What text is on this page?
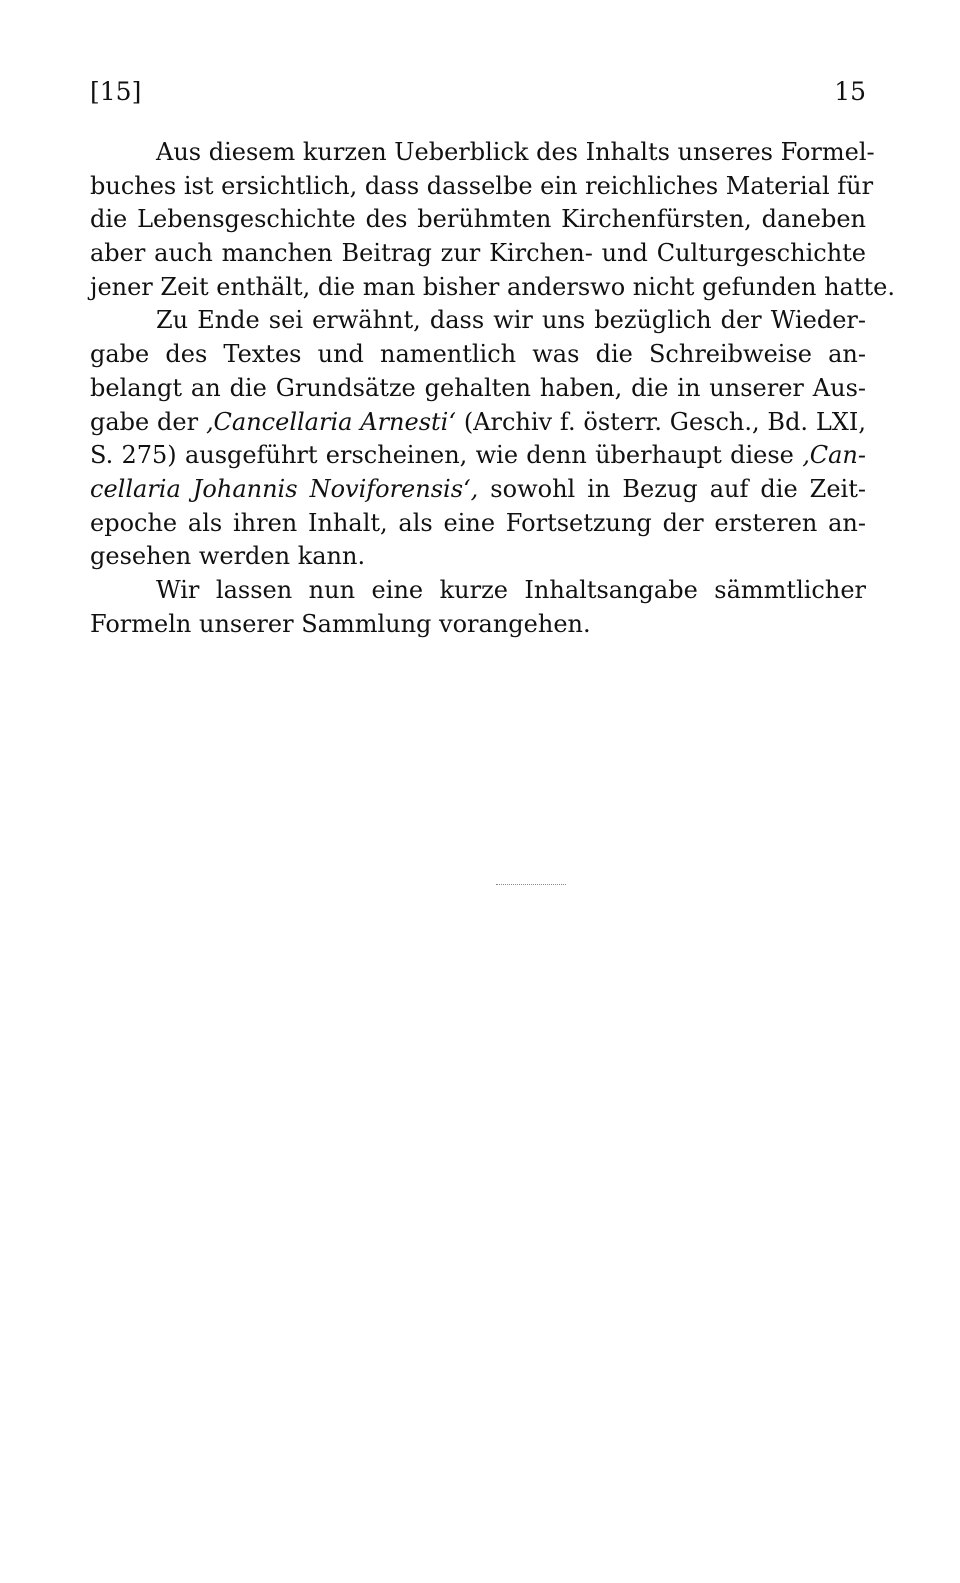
[15]	15
Aus diesem kurzen Ueberblick des Inhalts unseres Formel-
buches ist ersichtlich, dass dasselbe ein reichliches Material für
die Lebensgeschichte des berühmten Kirchenfürsten, daneben
aber auch manchen Beitrag zur Kirchen- und Culturgeschichte
jener Zeit enthält, die man bisher anderswo nicht gefunden hatte.
Zu Ende sei erwähnt, dass wir uns bezüglich der Wieder-
gabe des Textes und namentlich was die Schreibweise an-
belangt an die Grundsätze gehalten haben, die in unserer Aus-
gabe der ‚Cancellaria Arnesti‘ (Archiv f. österr. Gesch., Bd. LXI,
S. 275) ausgeführt erscheinen, wie denn überhaupt diese ‚Can-
cellaria Johannis Noviforensis‘, sowohl in Bezug auf die Zeit-
epoche als ihren Inhalt, als eine Fortsetzung der ersteren an-
gesehen werden kann.
Wir lassen nun eine kurze Inhaltsangabe sämmtlicher
Formeln unserer Sammlung vorangehen.
